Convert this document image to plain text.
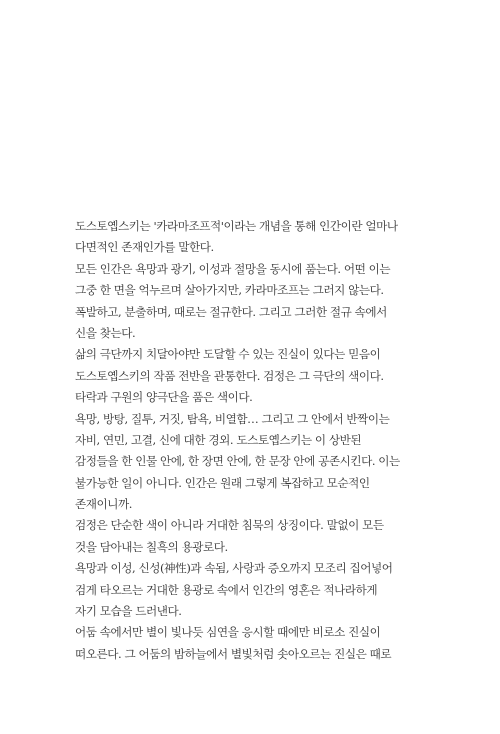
도스토옙스키는 '카라마조프적'이라는 개념을 통해 인간이란 얼마나
다면적인 존재인가를 말한다.
모든 인간은 욕망과 광기, 이성과 절망을 동시에 품는다. 어떤 이는
그중 한 면을 억누르며 살아가지만, 카라마조프는 그러지 않는다.
폭발하고, 분출하며, 때로는 절규한다. 그리고 그러한 절규 속에서
신을 찾는다.
삶의 극단까지 치달아야만 도달할 수 있는 진실이 있다는 믿음이
도스토옙스키의 작품 전반을 관통한다. 검정은 그 극단의 색이다.
타락과 구원의 양극단을 품은 색이다.
욕망, 방탕, 질투, 거짓, 탐욕, 비열함… 그리고 그 안에서 반짝이는
자비, 연민, 고결, 신에 대한 경외. 도스토옙스키는 이 상반된
감정들을 한 인물 안에, 한 장면 안에, 한 문장 안에 공존시킨다. 이는
불가능한 일이 아니다. 인간은 원래 그렇게 복잡하고 모순적인
존재이니까.
검정은 단순한 색이 아니라 거대한 침묵의 상징이다. 말없이 모든
것을 담아내는 칠흑의 용광로다.
욕망과 이성, 신성(神性)과 속됨, 사랑과 증오까지 모조리 집어넣어
검게 타오르는 거대한 용광로 속에서 인간의 영혼은 적나라하게
자기 모습을 드러낸다.
어둠 속에서만 별이 빛나듯 심연을 응시할 때에만 비로소 진실이
떠오른다. 그 어둠의 밤하늘에서 별빛처럼 솟아오르는 진실은 때로
